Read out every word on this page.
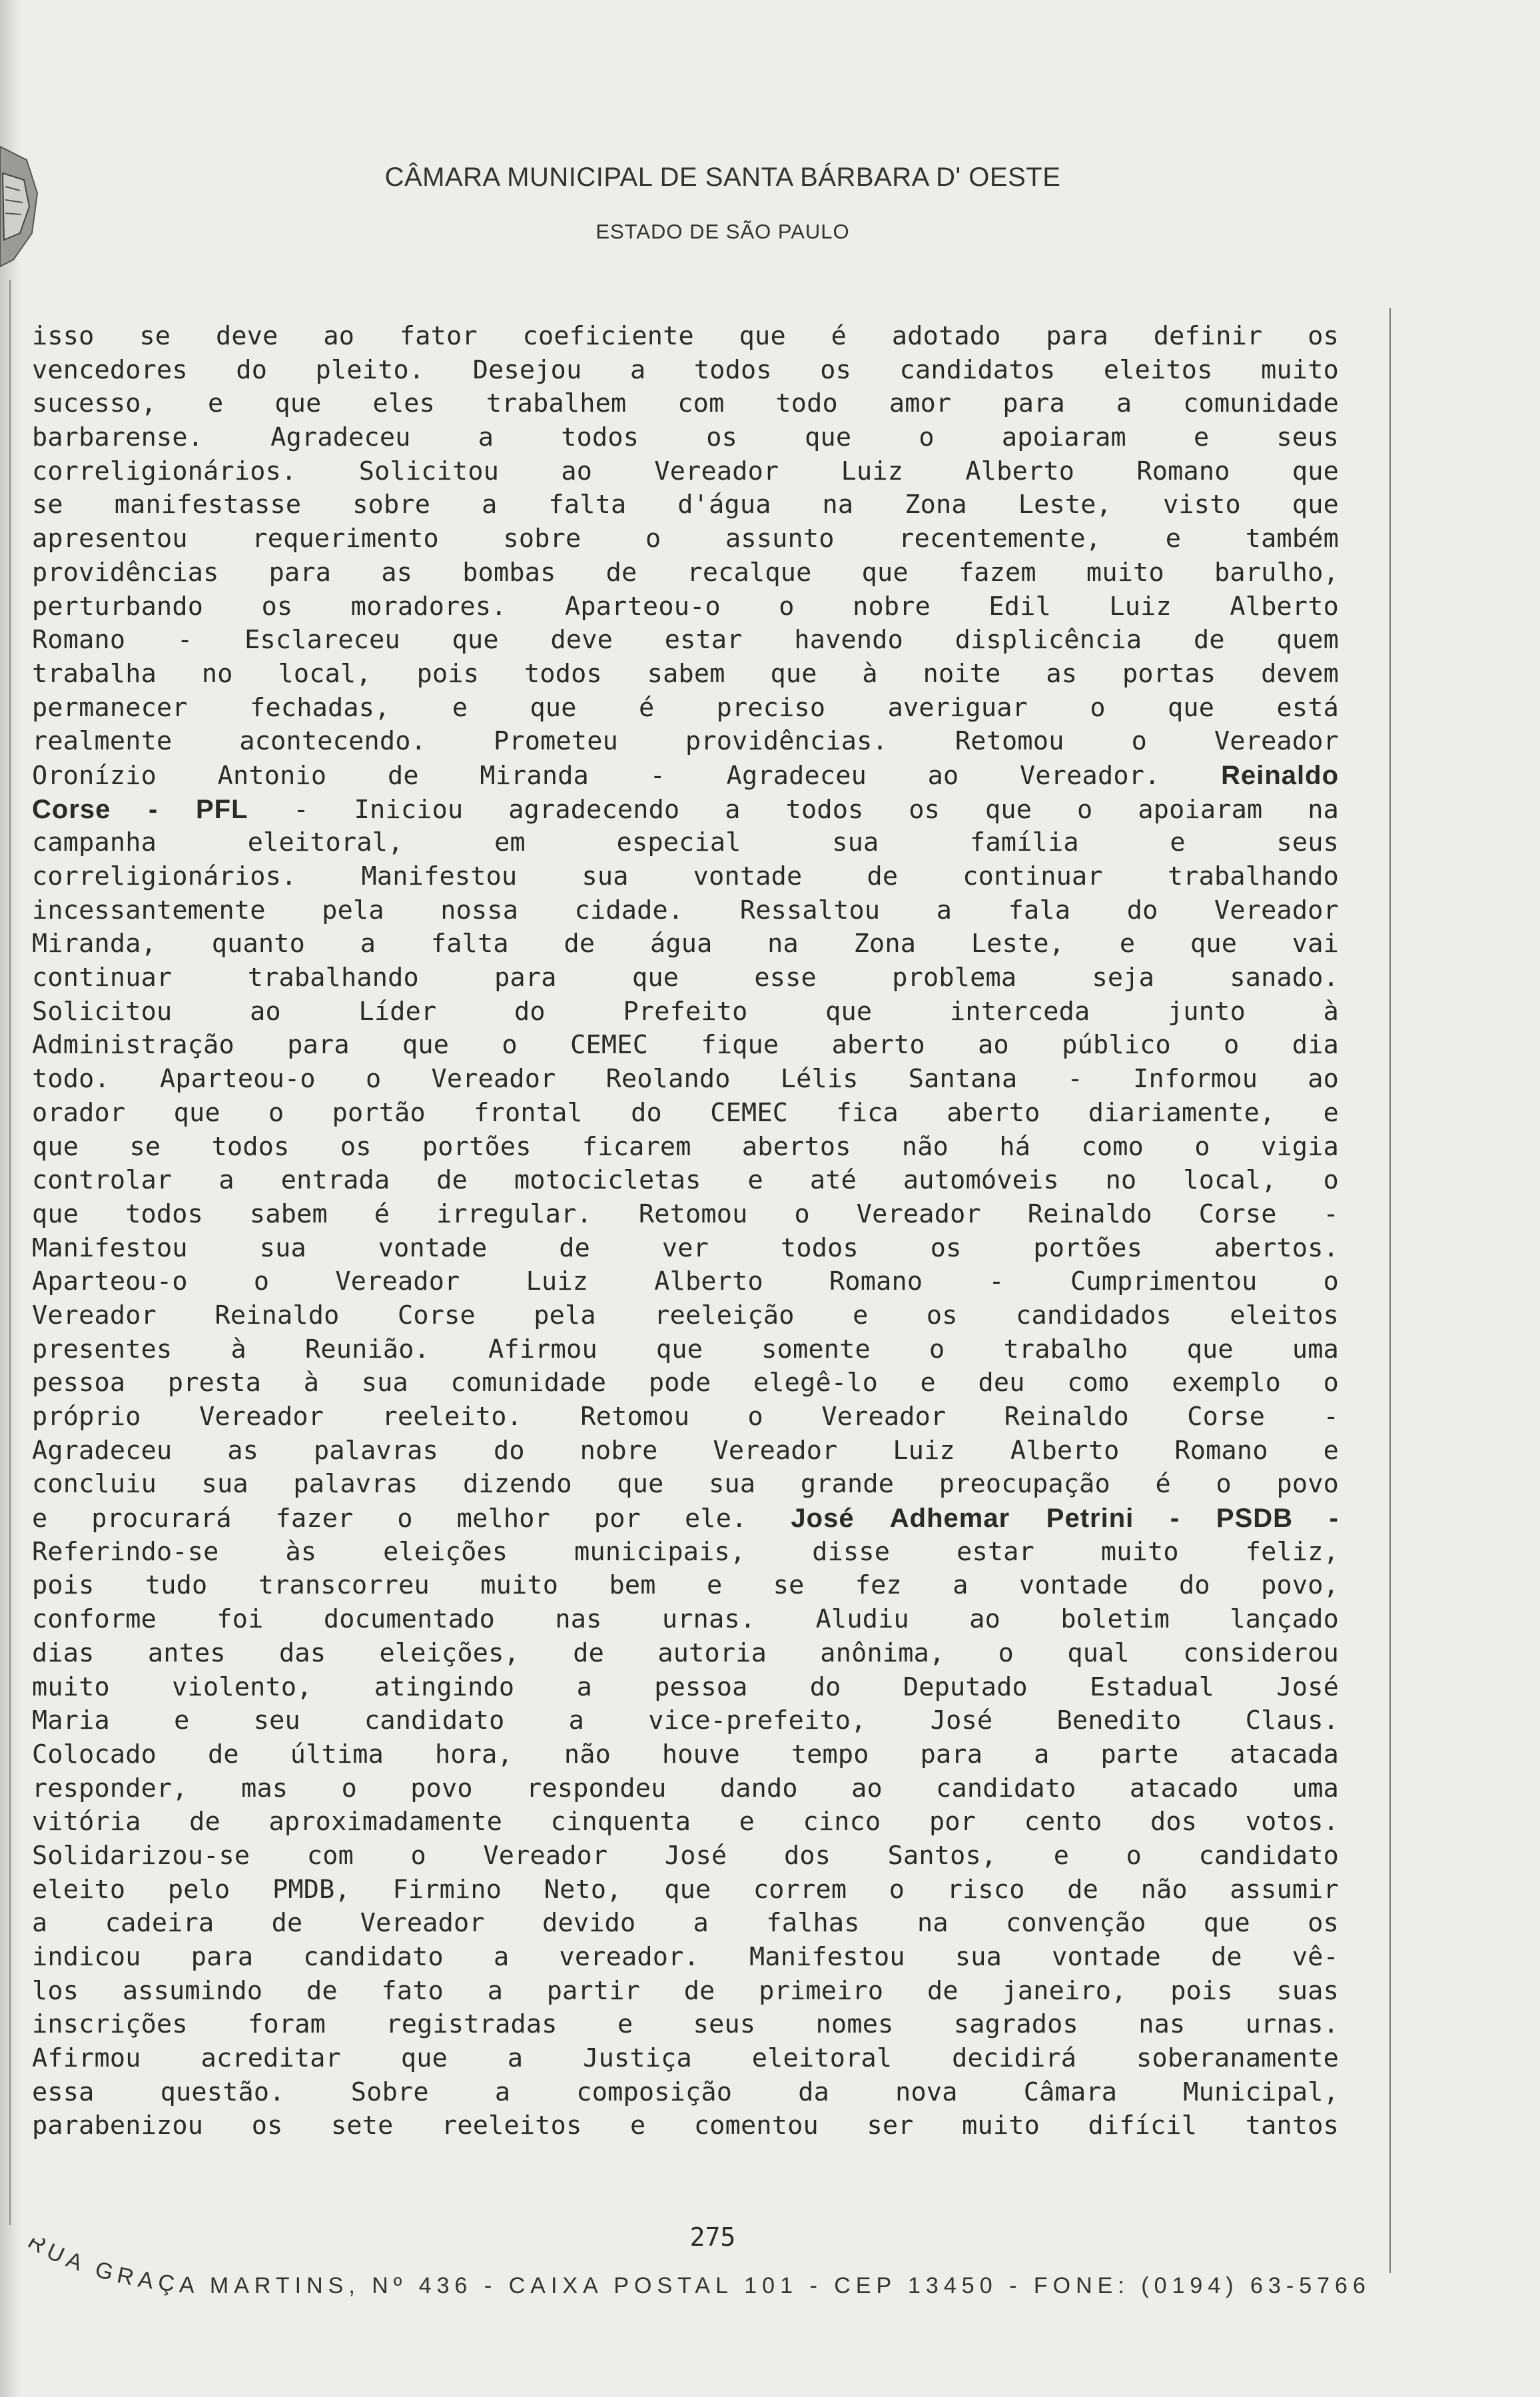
CÂMARA MUNICIPAL DE SANTA BÁRBARA D' OESTE
ESTADO DE SÃO PAULO
isso se deve ao fator coeficiente que é adotado para definir os
vencedores do pleito. Desejou a todos os candidatos eleitos muito
sucesso, e que eles trabalhem com todo amor para a comunidade
barbarense. Agradeceu a todos os que o apoiaram e seus
correligionários. Solicitou ao Vereador Luiz Alberto Romano que
se manifestasse sobre a falta d'água na Zona Leste, visto que
apresentou requerimento sobre o assunto recentemente, e também
providências para as bombas de recalque que fazem muito barulho,
perturbando os moradores. Aparteou-o o nobre Edil Luiz Alberto
Romano - Esclareceu que deve estar havendo displicência de quem
trabalha no local, pois todos sabem que à noite as portas devem
permanecer fechadas, e que é preciso averiguar o que está
realmente acontecendo. Prometeu providências. Retomou o Vereador
Oronízio Antonio de Miranda - Agradeceu ao Vereador. Reinaldo
Corse - PFL - Iniciou agradecendo a todos os que o apoiaram na
campanha eleitoral, em especial sua família e seus
correligionários. Manifestou sua vontade de continuar trabalhando
incessantemente pela nossa cidade. Ressaltou a fala do Vereador
Miranda, quanto a falta de água na Zona Leste, e que vai
continuar trabalhando para que esse problema seja sanado.
Solicitou ao Líder do Prefeito que interceda junto à
Administração para que o CEMEC fique aberto ao público o dia
todo. Aparteou-o o Vereador Reolando Lélis Santana - Informou ao
orador que o portão frontal do CEMEC fica aberto diariamente, e
que se todos os portões ficarem abertos não há como o vigia
controlar a entrada de motocicletas e até automóveis no local, o
que todos sabem é irregular. Retomou o Vereador Reinaldo Corse -
Manifestou sua vontade de ver todos os portões abertos.
Aparteou-o o Vereador Luiz Alberto Romano - Cumprimentou o
Vereador Reinaldo Corse pela reeleição e os candidados eleitos
presentes à Reunião. Afirmou que somente o trabalho que uma
pessoa presta à sua comunidade pode elegê-lo e deu como exemplo o
próprio Vereador reeleito. Retomou o Vereador Reinaldo Corse -
Agradeceu as palavras do nobre Vereador Luiz Alberto Romano e
concluiu sua palavras dizendo que sua grande preocupação é o povo
e procurará fazer o melhor por ele. José Adhemar Petrini - PSDB -
Referindo-se às eleições municipais, disse estar muito feliz,
pois tudo transcorreu muito bem e se fez a vontade do povo,
conforme foi documentado nas urnas. Aludiu ao boletim lançado
dias antes das eleições, de autoria anônima, o qual considerou
muito violento, atingindo a pessoa do Deputado Estadual José
Maria e seu candidato a vice-prefeito, José Benedito Claus.
Colocado de última hora, não houve tempo para a parte atacada
responder, mas o povo respondeu dando ao candidato atacado uma
vitória de aproximadamente cinquenta e cinco por cento dos votos.
Solidarizou-se com o Vereador José dos Santos, e o candidato
eleito pelo PMDB, Firmino Neto, que correm o risco de não assumir
a cadeira de Vereador devido a falhas na convenção que os
indicou para candidato a vereador. Manifestou sua vontade de vê-
los assumindo de fato a partir de primeiro de janeiro, pois suas
inscrições foram registradas e seus nomes sagrados nas urnas.
Afirmou acreditar que a Justiça eleitoral decidirá soberanamente
essa questão. Sobre a composição da nova Câmara Municipal,
parabenizou os sete reeleitos e comentou ser muito difícil tantos
275
RUA GRAÇA MARTINS, Nº 436 - CAIXA POSTAL 101 - CEP 13450 - FONE: (0194) 63-5766
